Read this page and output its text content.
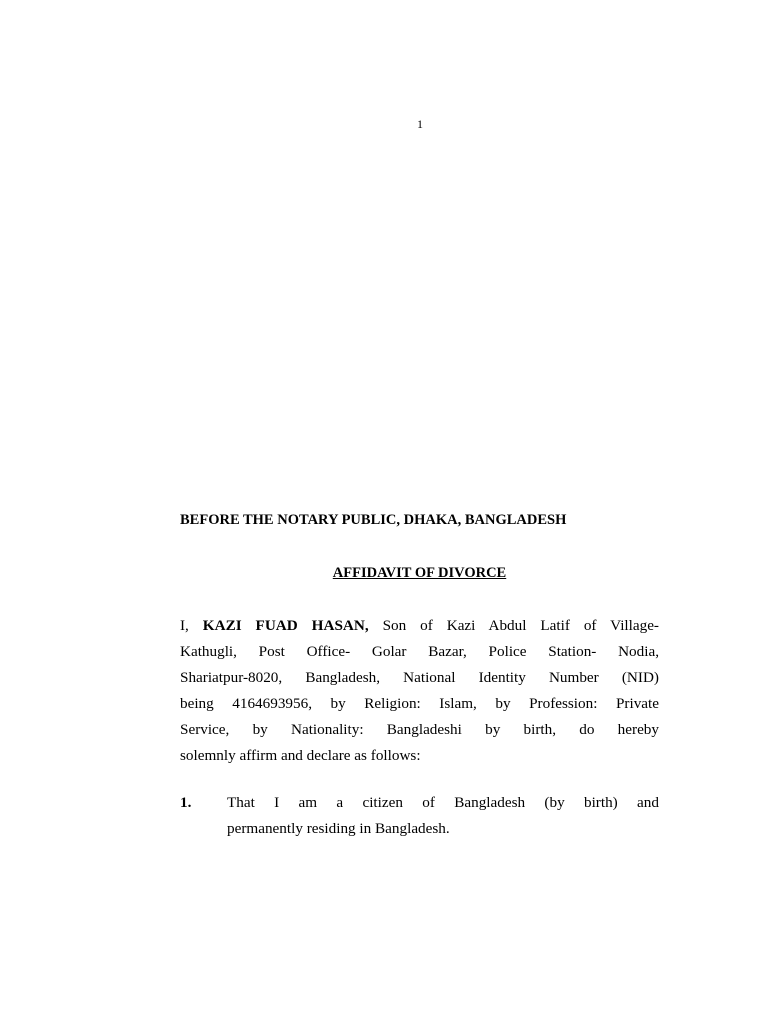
1
BEFORE THE NOTARY PUBLIC, DHAKA, BANGLADESH
AFFIDAVIT OF DIVORCE
I, KAZI FUAD HASAN, Son of Kazi Abdul Latif of Village-
Kathugli, Post Office- Golar Bazar, Police Station- Nodia,
Shariatpur-8020, Bangladesh, National Identity Number (NID)
being 4164693956, by Religion: Islam, by Profession: Private
Service, by Nationality: Bangladeshi by birth, do hereby
solemnly affirm and declare as follows:
1. That I am a citizen of Bangladesh (by birth) and
permanently residing in Bangladesh.
